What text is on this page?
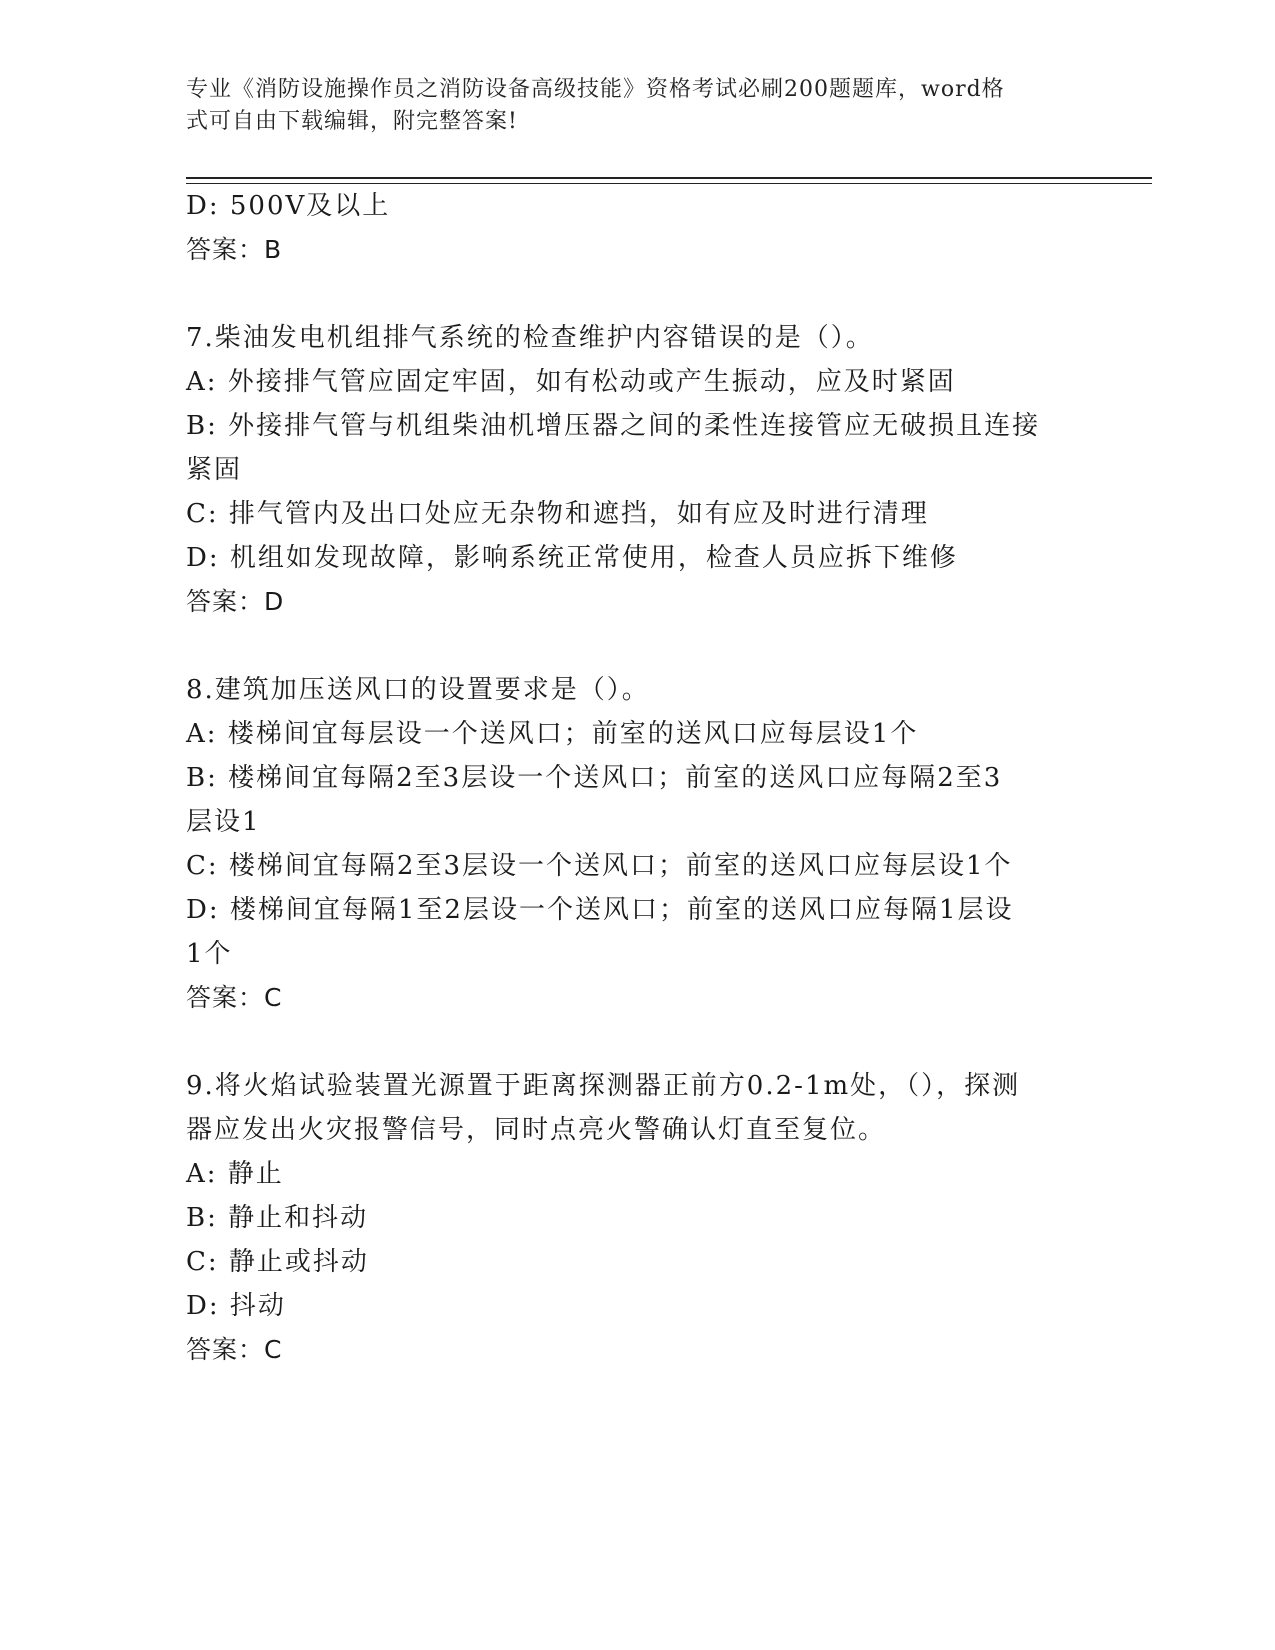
专业《消防设施操作员之消防设备高级技能》资格考试必刷200题题库，word格
式可自由下载编辑，附完整答案!
D: 500V及以上
答案：B
7.柴油发电机组排气系统的检查维护内容错误的是（）。
A: 外接排气管应固定牢固，如有松动或产生振动，应及时紧固
B: 外接排气管与机组柴油机增压器之间的柔性连接管应无破损且连接
紧固
C: 排气管内及出口处应无杂物和遮挡，如有应及时进行清理
D: 机组如发现故障，影响系统正常使用，检查人员应拆下维修
答案：D
8.建筑加压送风口的设置要求是（）。
A: 楼梯间宜每层设一个送风口；前室的送风口应每层设1个
B: 楼梯间宜每隔2至3层设一个送风口；前室的送风口应每隔2至3
层设1
C: 楼梯间宜每隔2至3层设一个送风口；前室的送风口应每层设1个
D: 楼梯间宜每隔1至2层设一个送风口；前室的送风口应每隔1层设
1个
答案：C
9.将火焰试验装置光源置于距离探测器正前方0.2-1m处，（），探测
器应发出火灾报警信号，同时点亮火警确认灯直至复位。
A: 静止
B: 静止和抖动
C: 静止或抖动
D: 抖动
答案：C
